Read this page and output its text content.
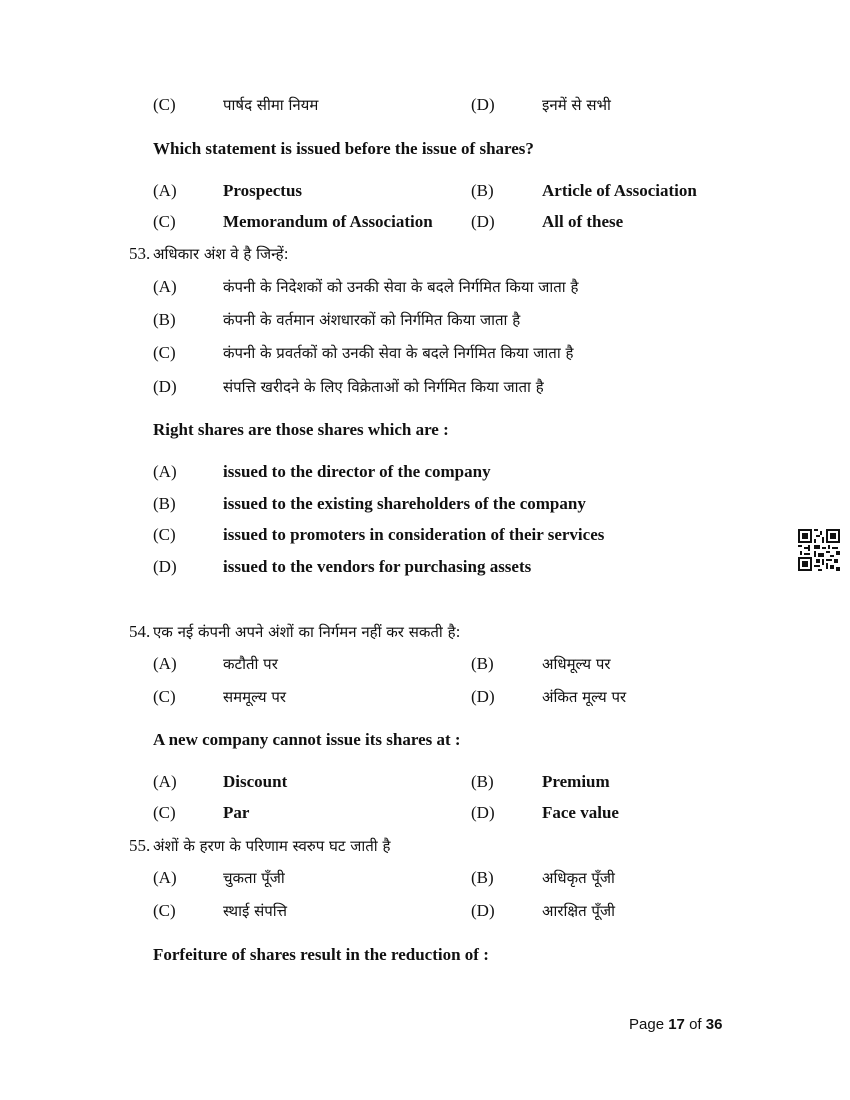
(C)	पार्षद सीमा नियम	(D)	इनमें से सभी
Which statement is issued before the issue of shares?
(A)	Prospectus	(B)	Article of Association
(C)	Memorandum of Association (D)	All of these
53. अधिकार अंश वे है जिन्हें:
(A)	कंपनी के निदेशकों को उनकी सेवा के बदले निर्गमित किया जाता है
(B)	कंपनी के वर्तमान अंशधारकों को निर्गमित किया जाता है
(C)	कंपनी के प्रवर्तकों को उनकी सेवा के बदले निर्गमित किया जाता है
(D)	संपत्ति खरीदने के लिए विक्रेताओं को निर्गमित किया जाता है
Right shares are those shares which are :
(A)	issued to the director of the company
(B)	issued to the existing shareholders of the company
(C)	issued to promoters in consideration of their services
(D)	issued to the vendors for purchasing assets
54. एक नई कंपनी अपने अंशों का निर्गमन नहीं कर सकती है:
(A)	कटौती पर	(B)	अधिमूल्य पर
(C)	सममूल्य पर	(D)	अंकित मूल्य पर
A new company cannot issue its shares at :
(A)	Discount	(B)	Premium
(C)	Par	(D)	Face value
55. अंशों के हरण के परिणाम स्वरुप घट जाती है
(A)	चुकता पूँजी	(B)	अधिकृत पूँजी
(C)	स्थाई संपत्ति	(D)	आरक्षित पूँजी
Forfeiture of shares result in the reduction of :
Page 17 of 36
